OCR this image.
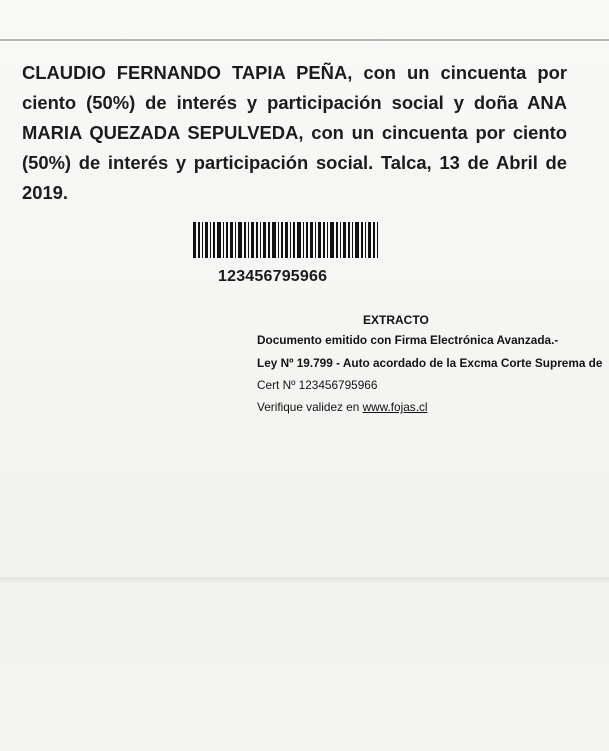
CLAUDIO FERNANDO TAPIA PEÑA, con un cincuenta por ciento (50%) de interés y participación social y doña ANA MARIA QUEZADA SEPULVEDA, con un cincuenta por ciento (50%) de interés y participación social. Talca, 13 de Abril de 2019.

123456795966
EXTRACTO
Documento emitido con Firma Electrónica Avanzada.-
Ley Nº 19.799 - Auto acordado de la Excma Corte Suprema de
Cert Nº 123456795966
Verifique validez en www.fojas.cl
